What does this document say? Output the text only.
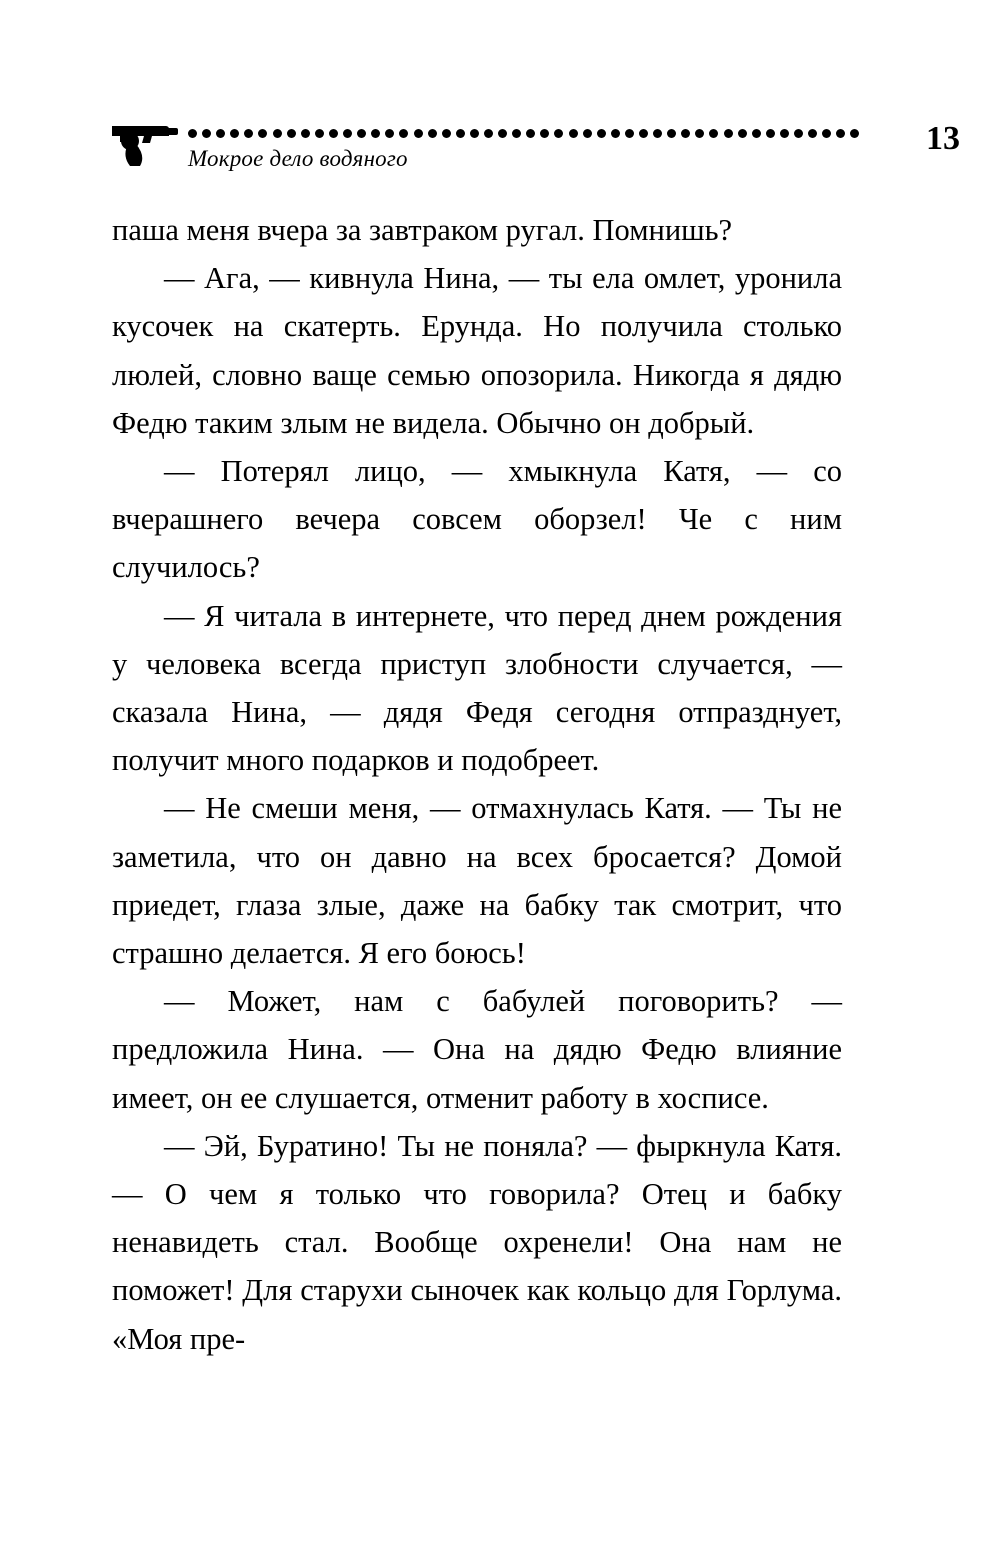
Мокрое дело водяного
13

паша меня вчера за завтраком ругал. Помнишь?

— Ага, — кивнула Нина, — ты ела омлет, уронила кусочек на скатерть. Ерунда. Но получила столько люлей, словно ваще семью опозорила. Никогда я дядю Федю таким злым не видела. Обычно он добрый.

— Потерял лицо, — хмыкнула Катя, — со вчерашнего вечера совсем оборзел! Че с ним случилось?

— Я читала в интернете, что перед днем рождения у человека всегда приступ злобности случается, — сказала Нина, — дядя Федя сегодня отпразднует, получит много подарков и подобреет.

— Не смеши меня, — отмахнулась Катя. — Ты не заметила, что он давно на всех бросается? Домой приедет, глаза злые, даже на бабку так смотрит, что страшно делается. Я его боюсь!

— Может, нам с бабулей поговорить? — предложила Нина. — Она на дядю Федю влияние имеет, он ее слушается, отменит работу в хосписе.

— Эй, Буратино! Ты не поняла? — фыркнула Катя. — О чем я только что говорила? Отец и бабку ненавидеть стал. Вообще охренели! Она нам не поможет! Для старухи сыночек как кольцо для Горлума. «Моя пре-
